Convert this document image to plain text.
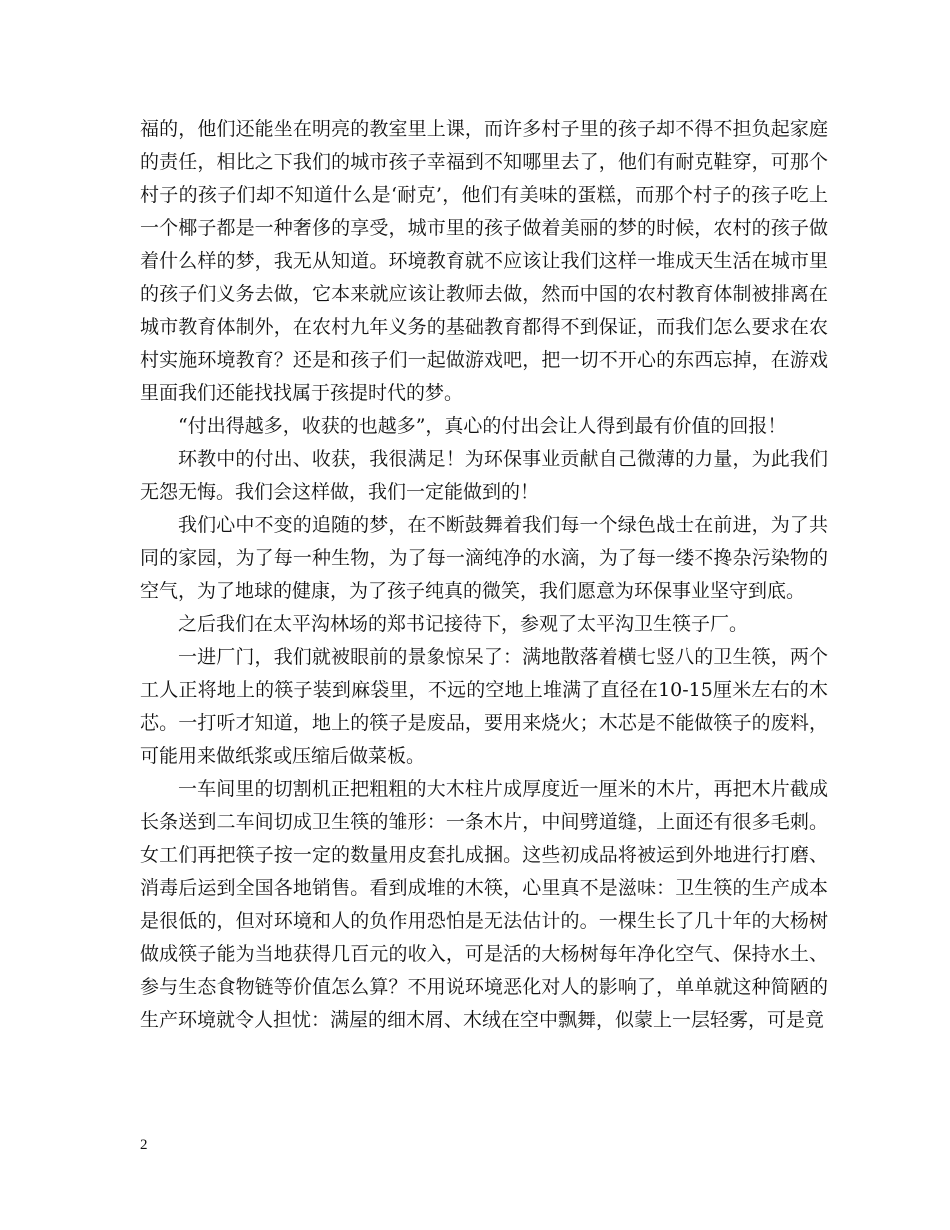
福的，他们还能坐在明亮的教室里上课，而许多村子里的孩子却不得不担负起家庭的责任，相比之下我们的城市孩子幸福到不知哪里去了，他们有耐克鞋穿，可那个村子的孩子们却不知道什么是‘耐克’，他们有美味的蛋糕，而那个村子的孩子吃上一个椰子都是一种奢侈的享受，城市里的孩子做着美丽的梦的时候，农村的孩子做着什么样的梦，我无从知道。环境教育就不应该让我们这样一堆成天生活在城市里的孩子们义务去做，它本来就应该让教师去做，然而中国的农村教育体制被排离在城市教育体制外，在农村九年义务的基础教育都得不到保证，而我们怎么要求在农村实施环境教育？还是和孩子们一起做游戏吧，把一切不开心的东西忘掉，在游戏里面我们还能找找属于孩提时代的梦。

“付出得越多，收获的也越多”，真心的付出会让人得到最有价值的回报！

环教中的付出、收获，我很满足！为环保事业贡献自己微薄的力量，为此我们无怨无悔。我们会这样做，我们一定能做到的！

我们心中不变的追随的梦，在不断鼓舞着我们每一个绿色战士在前进，为了共同的家园，为了每一种生物，为了每一滴纯净的水滴，为了每一缕不搀杂污染物的空气，为了地球的健康，为了孩子纯真的微笑，我们愿意为环保事业坚守到底。

之后我们在太平沟林场的郑书记接待下，参观了太平沟卫生筷子厂。

一进厂门，我们就被眼前的景象惊呆了：满地散落着横七竖八的卫生筷，两个工人正将地上的筷子装到麻袋里，不远的空地上堆满了直径在10-15厘米左右的木芯。一打听才知道，地上的筷子是废品，要用来烧火；木芯是不能做筷子的废料，可能用来做纸浆或压缩后做菜板。

一车间里的切割机正把粗粗的大木柱片成厚度近一厘米的木片，再把木片截成长条送到二车间切成卫生筷的雏形：一条木片，中间劈道缝，上面还有很多毛刺。女工们再把筷子按一定的数量用皮套扎成捆。这些初成品将被运到外地进行打磨、消毒后运到全国各地销售。看到成堆的木筷，心里真不是滋味：卫生筷的生产成本是很低的，但对环境和人的负作用恐怕是无法估计的。一棵生长了几十年的大杨树做成筷子能为当地获得几百元的收入，可是活的大杨树每年净化空气、保持水土、参与生态食物链等价值怎么算？不用说环境恶化对人的影响了，单单就这种简陋的生产环境就令人担忧：满屋的细木屑、木绒在空中飘舞，似蒙上一层轻雾，可是竟

2
